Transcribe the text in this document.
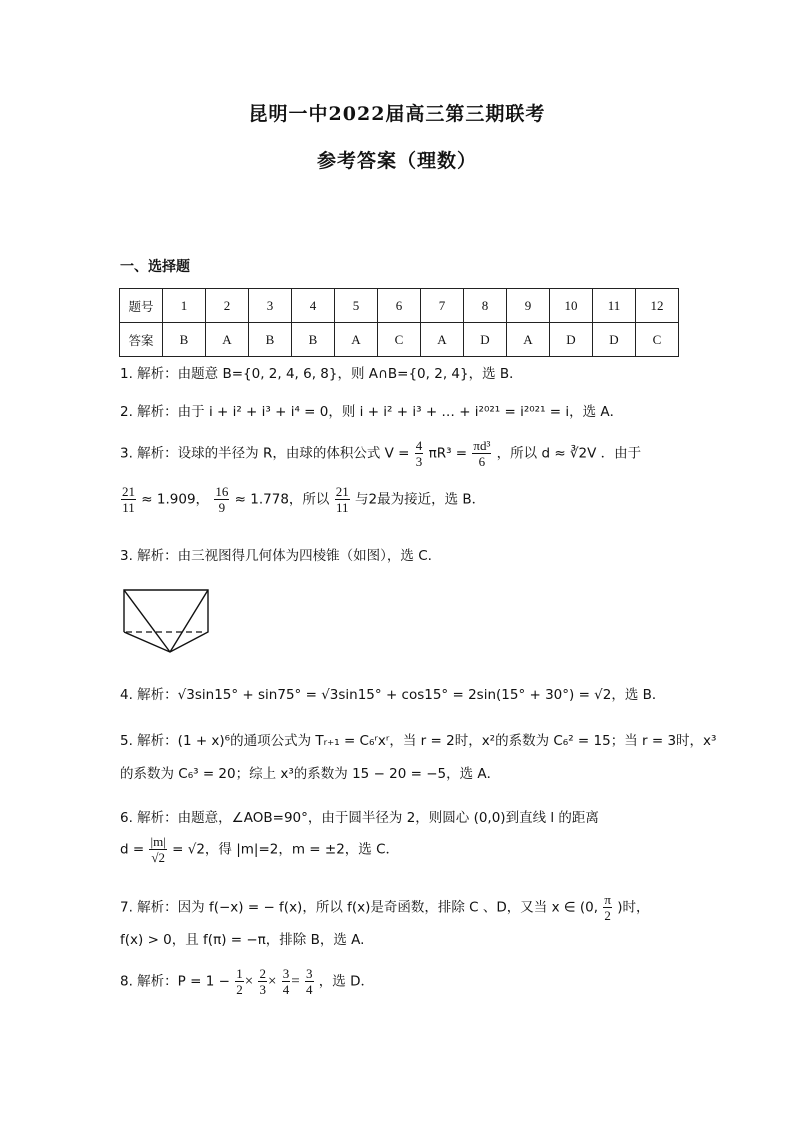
昆明一中2022届高三第三期联考
参考答案（理数）
一、选择题
题号	1	2	3	4	5	6	7	8	9	10	11	12
答案	B	A	B	B	A	C	A	D	A	D	D	C
1. 解析：由题意 B={0, 2, 4, 6, 8}，则 A∩B={0, 2, 4}，选 B．
2. 解析：由于 i + i² + i³ + i⁴ = 0，则 i + i² + i³ + … + i²⁰²¹ = i²⁰²¹ = i，选 A．
3. 解析：设球的半径为 R，由球的体积公式 $V = \frac{4}{3} \pi R^3 = \frac{\text{πd³}}{6}$ ，所以 d ≈ ∛2V ．由于
$\frac{21}{11} \approx 1.909$， $\frac{16}{9} \approx 1.778$，所以 $\frac{21}{11}$ 与2最为接近，选 B．
3. 解析：由三视图得几何体为四棱锥（如图），选 C.
4. 解析：√3sin15° + sin75° = √3sin15° + cos15° = 2sin(15° + 30°) = √2，选 B．
5. 解析：(1 + x)⁶的通项公式为 Tᵣ₊₁ = C₆ʳxʳ，当 r = 2时，x²的系数为 C₆² = 15；当 r = 3时，x³
的系数为 C₆³ = 20；综上 x³的系数为 15 − 20 = −5，选 A．
6. 解析：由题意，∠AOB=90°，由于圆半径为 2，则圆心 (0,0)到直线 l 的距离
$d = \frac{|m|}{√2} = √2$，得 |m|=2，m = ±2，选 C．
7. 解析：因为 f(−x) = − f(x)，所以 f(x)是奇函数，排除 C 、D，又当 x ∈ (0, $\frac{\pi}{2}$ )时，
f(x) > 0，且 f(π) = −π，排除 B，选 A.
8. 解析：$P = 1 - \frac{1}{2} \times \frac{2}{3} \times \frac{3}{4} = \frac{3}{4}$ ，选 D．
